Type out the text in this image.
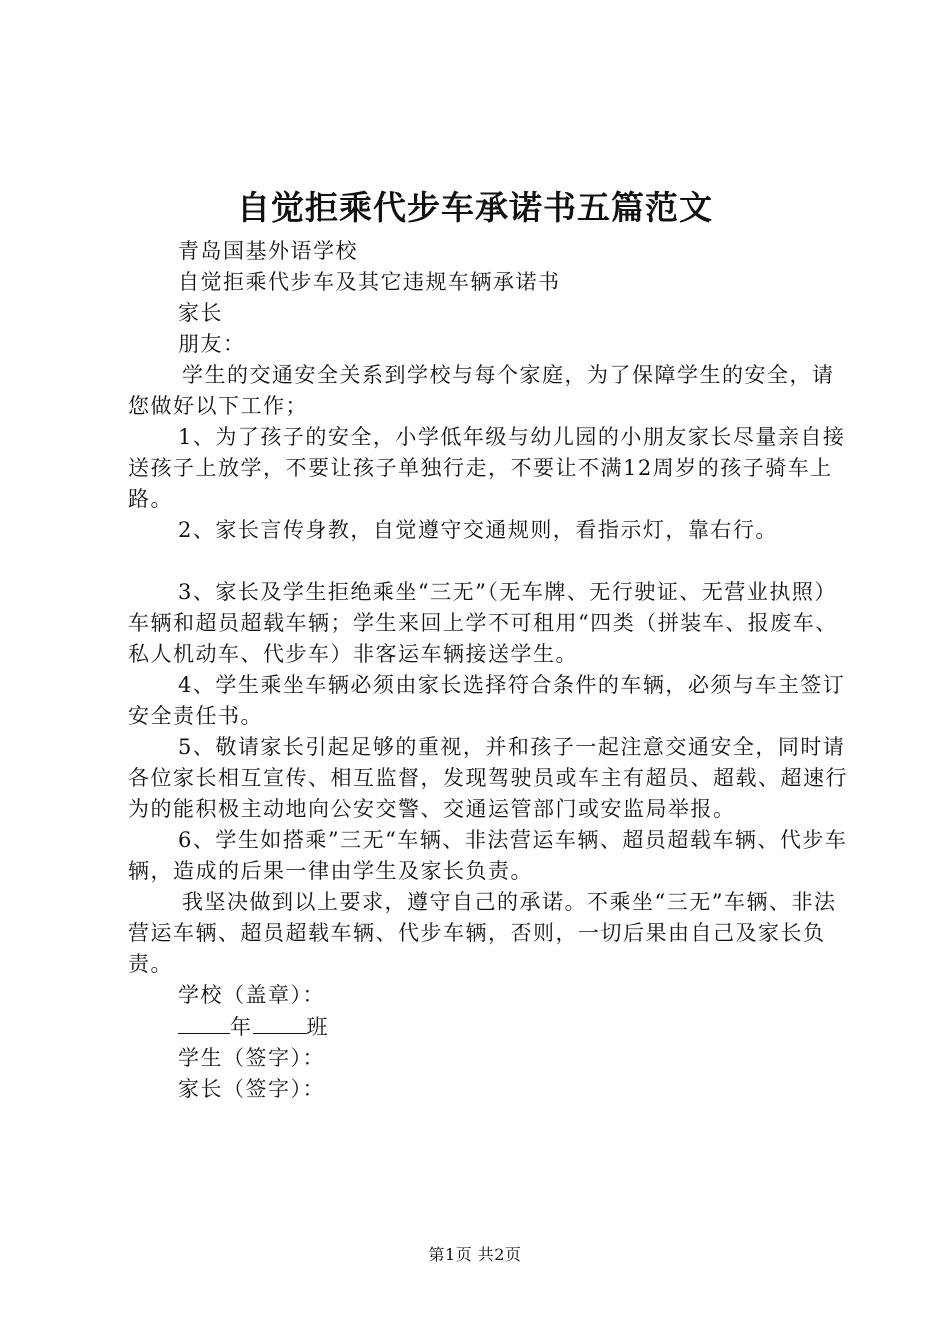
自觉拒乘代步车承诺书五篇范文

青岛国基外语学校

自觉拒乘代步车及其它违规车辆承诺书

家长

朋友：

学生的交通安全关系到学校与每个家庭，为了保障学生的安全，请您做好以下工作；

1、为了孩子的安全，小学低年级与幼儿园的小朋友家长尽量亲自接送孩子上放学，不要让孩子单独行走，不要让不满12周岁的孩子骑车上路。

2、家长言传身教，自觉遵守交通规则，看指示灯，靠右行。

3、家长及学生拒绝乘坐“三无”（无车牌、无行驶证、无营业执照）车辆和超员超载车辆；学生来回上学不可租用“四类（拼装车、报废车、私人机动车、代步车）非客运车辆接送学生。

4、学生乘坐车辆必须由家长选择符合条件的车辆，必须与车主签订安全责任书。

5、敬请家长引起足够的重视，并和孩子一起注意交通安全，同时请各位家长相互宣传、相互监督，发现驾驶员或车主有超员、超载、超速行为的能积极主动地向公安交警、交通运管部门或安监局举报。

6、学生如搭乘”三无“车辆、非法营运车辆、超员超载车辆、代步车辆，造成的后果一律由学生及家长负责。

我坚决做到以上要求，遵守自己的承诺。不乘坐“三无”车辆、非法营运车辆、超员超载车辆、代步车辆，否则，一切后果由自己及家长负责。

学校（盖章）：

年	班

学生（签字）：

家长（签字）：

第1页 共2页
